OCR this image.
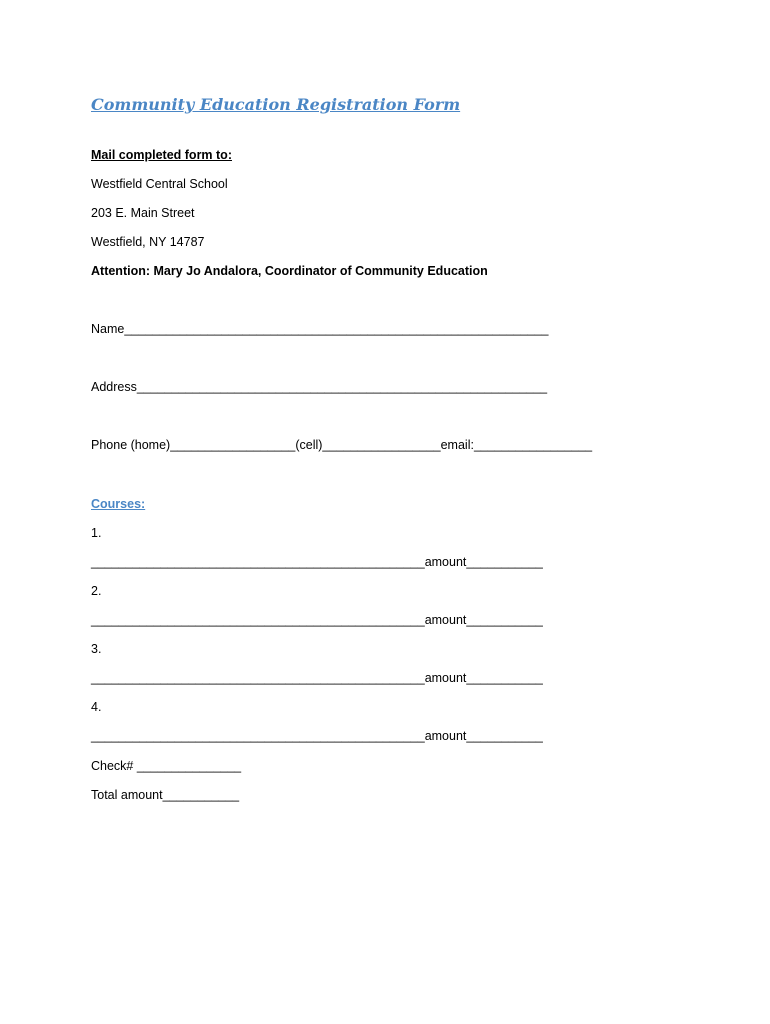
Community Education Registration Form
Mail completed form to:
Westfield Central School
203 E. Main Street
Westfield, NY 14787
Attention: Mary Jo Andalora, Coordinator of Community Education
Name_____________________________________________________________
Address___________________________________________________________
Phone (home)__________________(cell)_________________email:_________________
Courses:
1.
________________________________________________amount___________
2.
________________________________________________amount___________
3.
________________________________________________amount___________
4.
________________________________________________amount___________
Check# _______________
Total amount___________
